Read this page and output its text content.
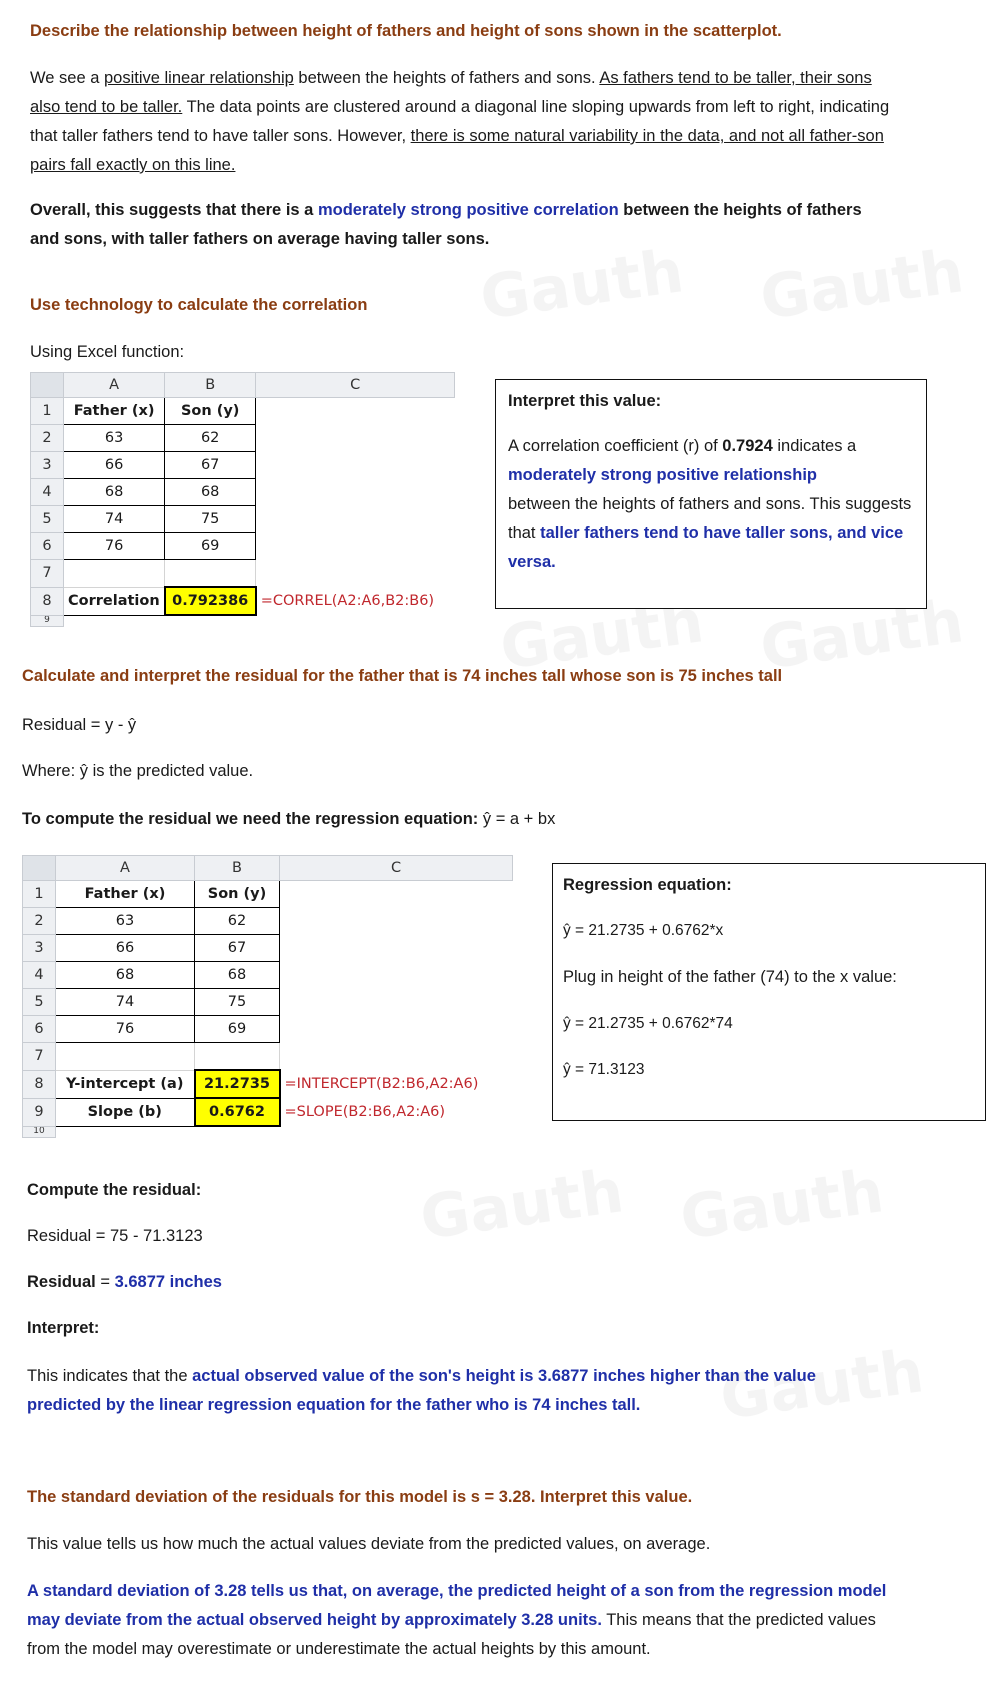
Describe the relationship between height of fathers and height of sons shown in the scatterplot.
We see a positive linear relationship between the heights of fathers and sons. As fathers tend to be taller, their sons also tend to be taller. The data points are clustered around a diagonal line sloping upwards from left to right, indicating that taller fathers tend to have taller sons. However, there is some natural variability in the data, and not all father-son pairs fall exactly on this line.
Overall, this suggests that there is a moderately strong positive correlation between the heights of fathers and sons, with taller fathers on average having taller sons.
Use technology to calculate the correlation
Using Excel function:
	A	B	C
1	Father (x)	Son (y)	
2	63	62	
3	66	67	
4	68	68	
5	74	75	
6	76	69	
7			
8	Correlation	0.792386	=CORREL(A2:A6,B2:B6)
9			
Interpret this value:
A correlation coefficient (r) of 0.7924 indicates a
moderately strong positive relationship
between the heights of fathers and sons. This suggests that taller fathers tend to have taller sons, and vice versa.
Calculate and interpret the residual for the father that is 74 inches tall whose son is 75 inches tall
Residual = y - ŷ
Where: ŷ is the predicted value.
To compute the residual we need the regression equation: ŷ = a + bx
	A	B	C
1	Father (x)	Son (y)	
2	63	62	
3	66	67	
4	68	68	
5	74	75	
6	76	69	
7			
8	Y-intercept (a)	21.2735	=INTERCEPT(B2:B6,A2:A6)
9	Slope (b)	0.6762	=SLOPE(B2:B6,A2:A6)
10			
Regression equation:
ŷ = 21.2735 + 0.6762*x
Plug in height of the father (74) to the x value:
ŷ = 21.2735 + 0.6762*74
ŷ = 71.3123
Compute the residual:
Residual = 75 - 71.3123
Residual = 3.6877 inches
Interpret:
This indicates that the actual observed value of the son's height is 3.6877 inches higher than the value predicted by the linear regression equation for the father who is 74 inches tall.
The standard deviation of the residuals for this model is s = 3.28. Interpret this value.
This value tells us how much the actual values deviate from the predicted values, on average.
A standard deviation of 3.28 tells us that, on average, the predicted height of a son from the regression model may deviate from the actual observed height by approximately 3.28 units. This means that the predicted values from the model may overestimate or underestimate the actual heights by this amount.
